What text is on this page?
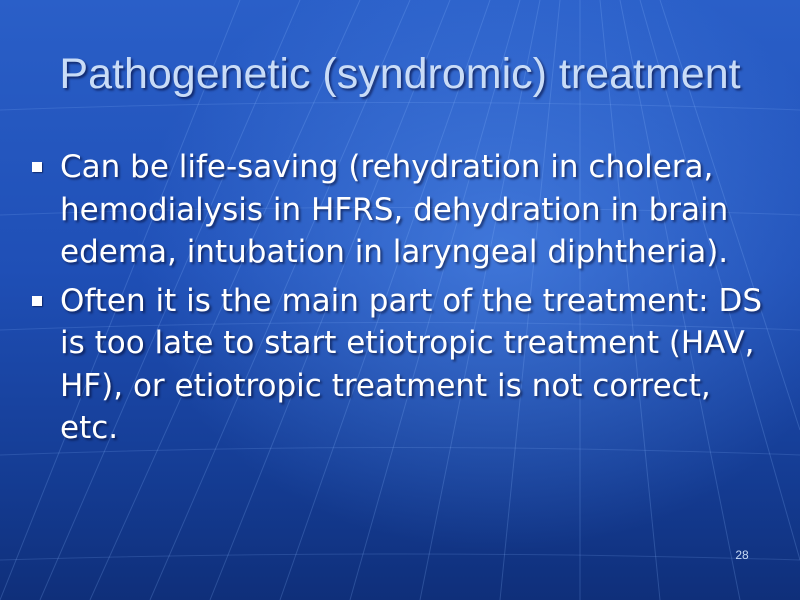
Pathogenetic (syndromic) treatment
Can be life-saving (rehydration in cholera, hemodialysis in HFRS, dehydration in brain edema, intubation in laryngeal diphtheria).
Often it is the main part of the treatment: DS is too late to start etiotropic treatment (HAV, HF), or etiotropic treatment is not correct, etc.
28
